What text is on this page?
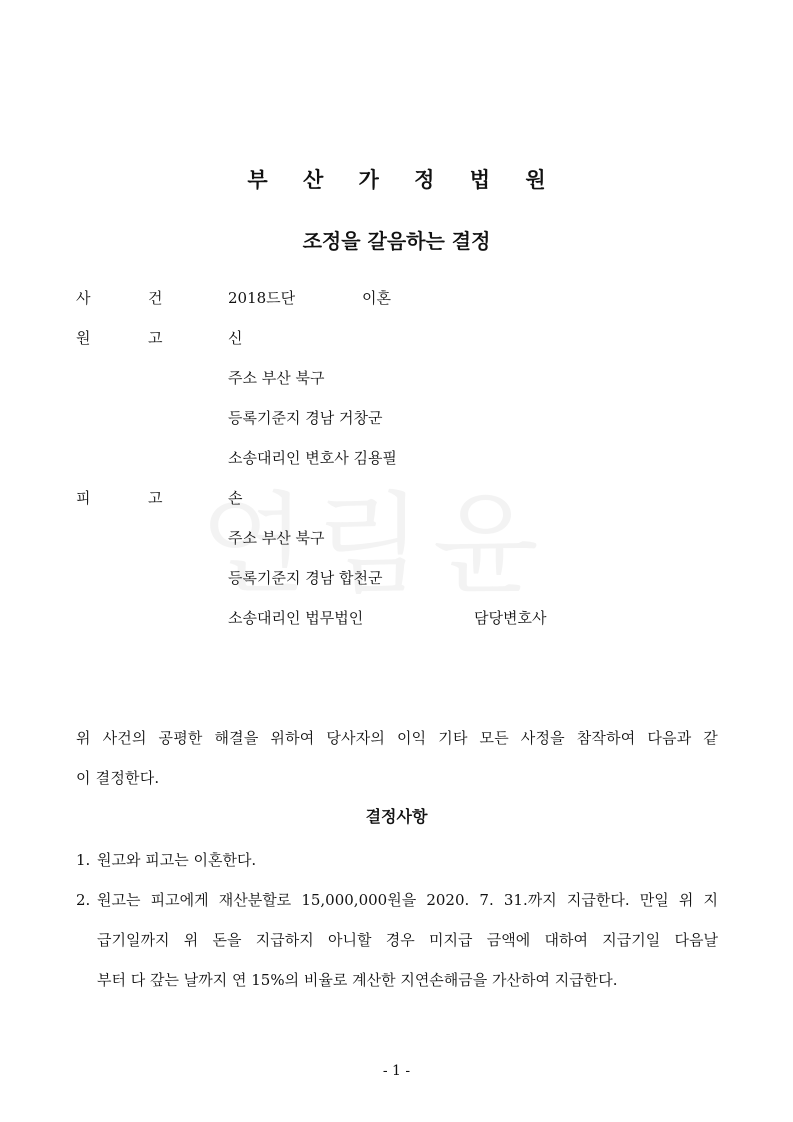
부 산 가 정 법 원
조정을 갈음하는 결정
사	건	2018드단	이혼
원	고	신
주소 부산 북구
등록기준지 경남 거창군
소송대리인 변호사 김용필
피	고	손
주소 부산 북구
등록기준지 경남 합천군
소송대리인 법무법인	담당변호사
위 사건의 공평한 해결을 위하여 당사자의 이익 기타 모든 사정을 참작하여 다음과 같
이 결정한다.
결정사항
1. 원고와 피고는 이혼한다.
2. 원고는 피고에게 재산분할로 15,000,000원을 2020. 7. 31.까지 지급한다. 만일 위 지
급기일까지 위 돈을 지급하지 아니할 경우 미지급 금액에 대하여 지급기일 다음날
부터 다 갚는 날까지 연 15%의 비율로 계산한 지연손해금을 가산하여 지급한다.
- 1 -
